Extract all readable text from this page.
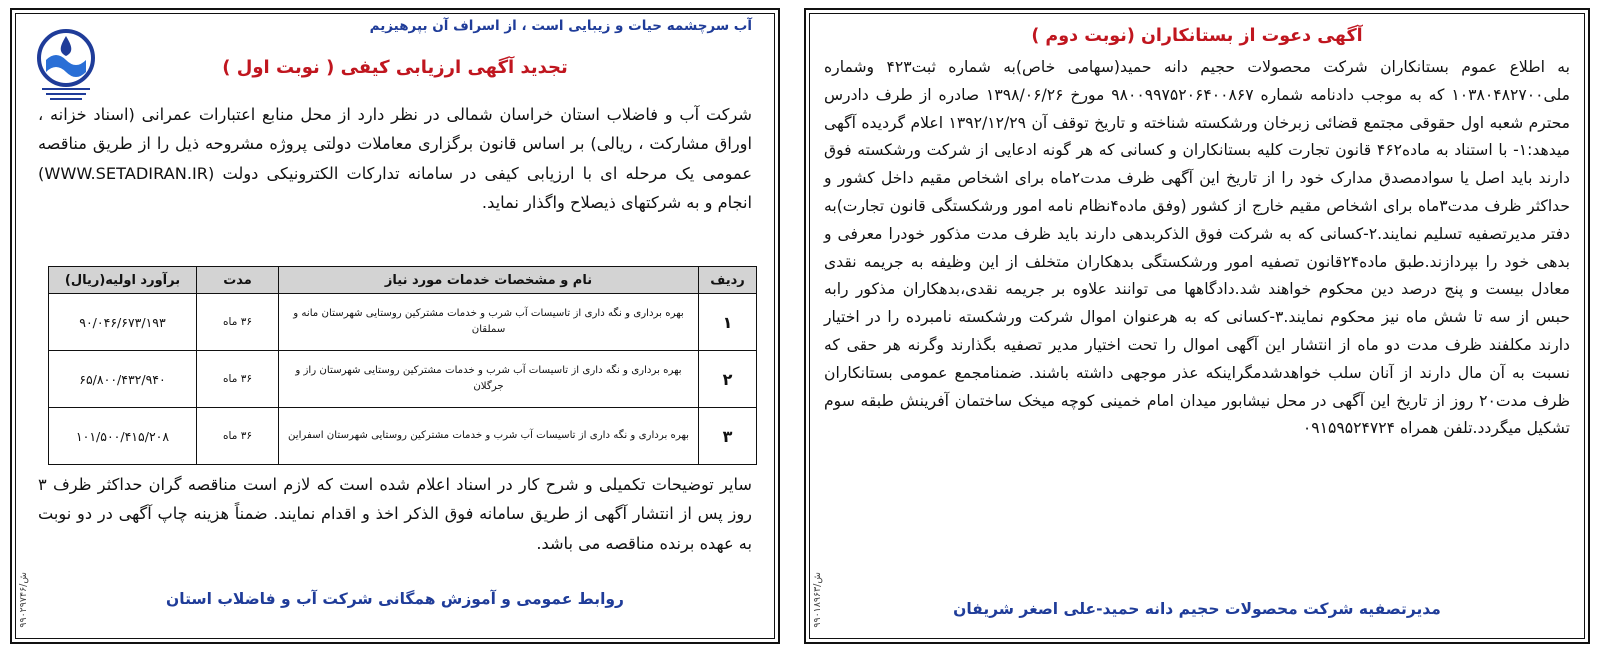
آب سرچشمه حیات و زیبایی است ، از اسراف آن بپرهیزیم
تجدید آگهی ارزیابی کیفی ( نوبت اول )
شرکت آب و فاضلاب استان خراسان شمالی در نظر دارد از محل منابع اعتبارات عمرانی (اسناد خزانه ، اوراق مشارکت ، ریالی) بر اساس قانون برگزاری معاملات دولتی پروژه مشروحه ذیل را از طریق مناقصه عمومی یک مرحله ای با ارزیابی کیفی در سامانه تدارکات الکترونیکی دولت (WWW.SETADIRAN.IR) انجام و به شرکتهای ذیصلاح واگذار نماید.
ردیف	نام و مشخصات خدمات مورد نیاز	مدت	برآورد اولیه(ریال)
۱	بهره برداری و نگه داری از تاسیسات آب شرب و خدمات مشترکین روستایی شهرستان مانه و سملقان	۳۶ ماه	۹۰/۰۴۶/۶۷۳/۱۹۳
۲	بهره برداری و نگه داری از تاسیسات آب شرب و خدمات مشترکین روستایی شهرستان راز و جرگلان	۳۶ ماه	۶۵/۸۰۰/۴۳۲/۹۴۰
۳	بهره برداری و نگه داری از تاسیسات آب شرب و خدمات مشترکین روستایی شهرستان اسفراین	۳۶ ماه	۱۰۱/۵۰۰/۴۱۵/۲۰۸
سایر توضیحات تکمیلی و شرح کار در اسناد اعلام شده است که لازم است مناقصه گران حداکثر ظرف ۳ روز پس از انتشار آگهی از طریق سامانه فوق الذکر اخذ و اقدام نمایند. ضمناً هزینه چاپ آگهی در دو نوبت به عهده برنده مناقصه می باشد.
روابط عمومی و آموزش همگانی شرکت آب و فاضلاب استان
۹۹۰۲۹۷۴۶/ش
آگهی دعوت از بستانکاران (نوبت دوم )
به اطلاع عموم بستانکاران شرکت محصولات حجیم دانه حمید(سهامی خاص)به شماره ثبت۴۲۳ وشماره ملی۱۰۳۸۰۴۸۲۷۰۰ که به موجب دادنامه شماره ۹۸۰۰۹۹۷۵۲۰۶۴۰۰۸۶۷ مورخ ۱۳۹۸/۰۶/۲۶ صادره از طرف دادرس محترم شعبه اول حقوقی مجتمع قضائی زبرخان ورشکسته شناخته و تاریخ توقف آن ۱۳۹۲/۱۲/۲۹ اعلام گردیده آگهی میدهد:۱- با استناد به ماده۴۶۲ قانون تجارت کلیه بستانکاران و کسانی که هر گونه ادعایی از شرکت ورشکسته فوق دارند باید اصل یا سوادمصدق مدارک خود را از تاریخ این آگهی ظرف مدت۲ماه برای اشخاص مقیم داخل کشور و حداکثر ظرف مدت۳ماه برای اشخاص مقیم خارج از کشور (وفق ماده۴نظام نامه امور ورشکستگی قانون تجارت)به دفتر مدیرتصفیه تسلیم نمایند.۲-کسانی که به شرکت فوق الذکربدهی دارند باید ظرف مدت مذکور خودرا معرفی و بدهی خود را بپردازند.طبق ماده۲۴قانون تصفیه امور ورشکستگی بدهکاران متخلف از این وظیفه به جریمه نقدی معادل بیست و پنج درصد دین محکوم خواهند شد.دادگاهها می توانند علاوه بر جریمه نقدی،بدهکاران مذکور رابه حبس از سه تا شش ماه نیز محکوم نمایند.۳-کسانی که به هرعنوان اموال شرکت ورشکسته نامبرده را در اختیار دارند مکلفند ظرف مدت دو ماه از انتشار این آگهی اموال را تحت اختیار مدیر تصفیه بگذارند وگرنه هر حقی که نسبت به آن مال دارند از آنان سلب خواهدشدمگراینکه عذر موجهی داشته باشند. ضمنامجمع عمومی بستانکاران ظرف مدت۲۰ روز از تاریخ این آگهی در محل نیشابور میدان امام خمینی کوچه میخک ساختمان آفرینش طبقه سوم تشکیل میگردد.تلفن همراه ۰۹۱۵۹۵۲۴۷۲۴
مدیرتصفیه شرکت محصولات حجیم دانه حمید-علی اصغر شریفان
۹۹۰۱۸۹۶۳/ش
